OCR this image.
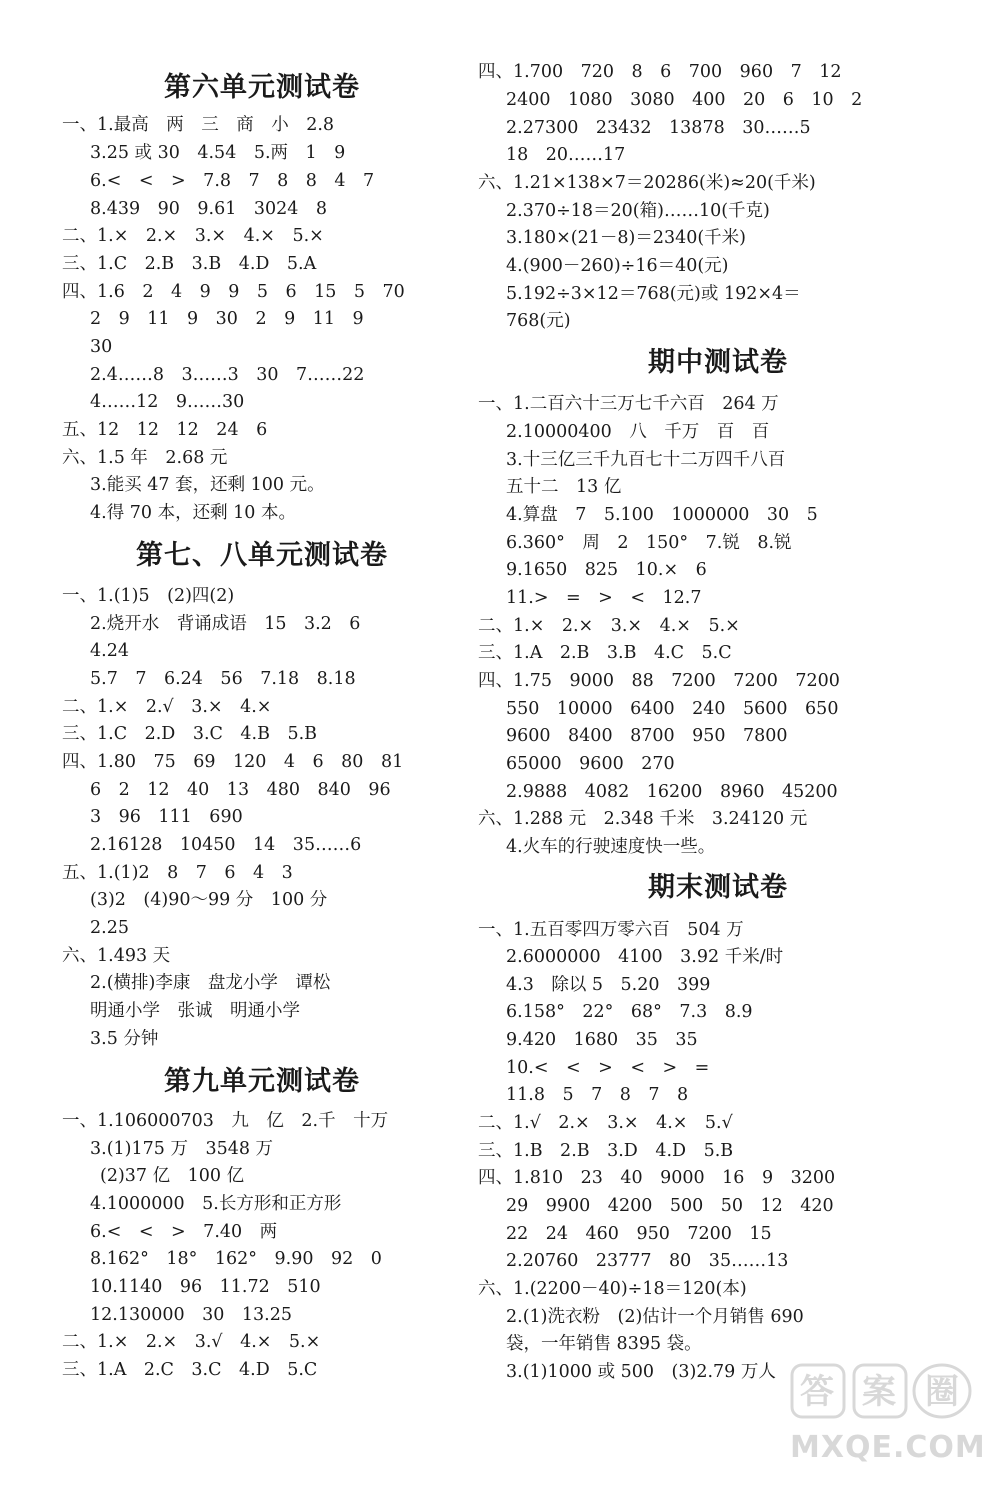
第六单元测试卷
一、1.最高　两　三　商　小　2.8
3.25 或 30　4.54　5.两　1　9
6.<　<　>　7.8　7　8　8　4　7
8.439　90　9.61　3024　8
二、1.×　2.×　3.×　4.×　5.×
三、1.C　2.B　3.B　4.D　5.A
四、1.6　2　4　9　9　5　6　15　5　70
2　9　11　9　30　2　9　11　9
30
2.4……8　3……3　30　7……22
4……12　9……30
五、12　12　12　24　6
六、1.5 年　2.68 元
3.能买 47 套，还剩 100 元。
4.得 70 本，还剩 10 本。
第七、八单元测试卷
一、1.(1)5　(2)四(2)
2.烧开水　背诵成语　15　3.2　6
4.24
5.7　7　6.24　56　7.18　8.18
二、1.×　2.√　3.×　4.×
三、1.C　2.D　3.C　4.B　5.B
四、1.80　75　69　120　4　6　80　81
6　2　12　40　13　480　840　96
3　96　111　690
2.16128　10450　14　35……6
五、1.(1)2　8　7　6　4　3
(3)2　(4)90～99 分　100 分
2.25
六、1.493 天
2.(横排)李康　盘龙小学　谭松
明通小学　张诚　明通小学
3.5 分钟
第九单元测试卷
一、1.106000703　九　亿　2.千　十万
3.(1)175 万　3548 万
(2)37 亿　100 亿
4.1000000　5.长方形和正方形
6.<　<　>　7.40　两
8.162°　18°　162°　9.90　92　0
10.1140　96　11.72　510
12.130000　30　13.25
二、1.×　2.×　3.√　4.×　5.×
三、1.A　2.C　3.C　4.D　5.C
四、1.700　720　8　6　700　960　7　12
2400　1080　3080　400　20　6　10　2
2.27300　23432　13878　30……5
18　20……17
六、1.21×138×7＝20286(米)≈20(千米)
2.370÷18＝20(箱)……10(千克)
3.180×(21－8)＝2340(千米)
4.(900－260)÷16＝40(元)
5.192÷3×12＝768(元)或 192×4＝
768(元)
期中测试卷
一、1.二百六十三万七千六百　264 万
2.10000400　八　千万　百　百
3.十三亿三千九百七十二万四千八百
五十二　13 亿
4.算盘　7　5.100　1000000　30　5
6.360°　周　2　150°　7.锐　8.锐
9.1650　825　10.×　6
11.>　=　>　<　12.7
二、1.×　2.×　3.×　4.×　5.×
三、1.A　2.B　3.B　4.C　5.C
四、1.75　9000　88　7200　7200　7200
550　10000　6400　240　5600　650
9600　8400　8700　950　7800
65000　9600　270
2.9888　4082　16200　8960　45200
六、1.288 元　2.348 千米　3.24120 元
4.火车的行驶速度快一些。
期末测试卷
一、1.五百零四万零六百　504 万
2.6000000　4100　3.92 千米/时
4.3　除以 5　5.20　399
6.158°　22°　68°　7.3　8.9
9.420　1680　35　35
10.<　<　>　<　>　=
11.8　5　7　8　7　8
二、1.√　2.×　3.×　4.×　5.√
三、1.B　2.B　3.D　4.D　5.B
四、1.810　23　40　9000　16　9　3200
29　9900　4200　500　50　12　420
22　24　460　950　7200　15
2.20760　23777　80　35……13
六、1.(2200－40)÷18＝120(本)
2.(1)洗衣粉　(2)估计一个月销售 690
袋，一年销售 8395 袋。
3.(1)1000 或 500　(3)2.79 万人 答 案 圈
MXQE.COM
